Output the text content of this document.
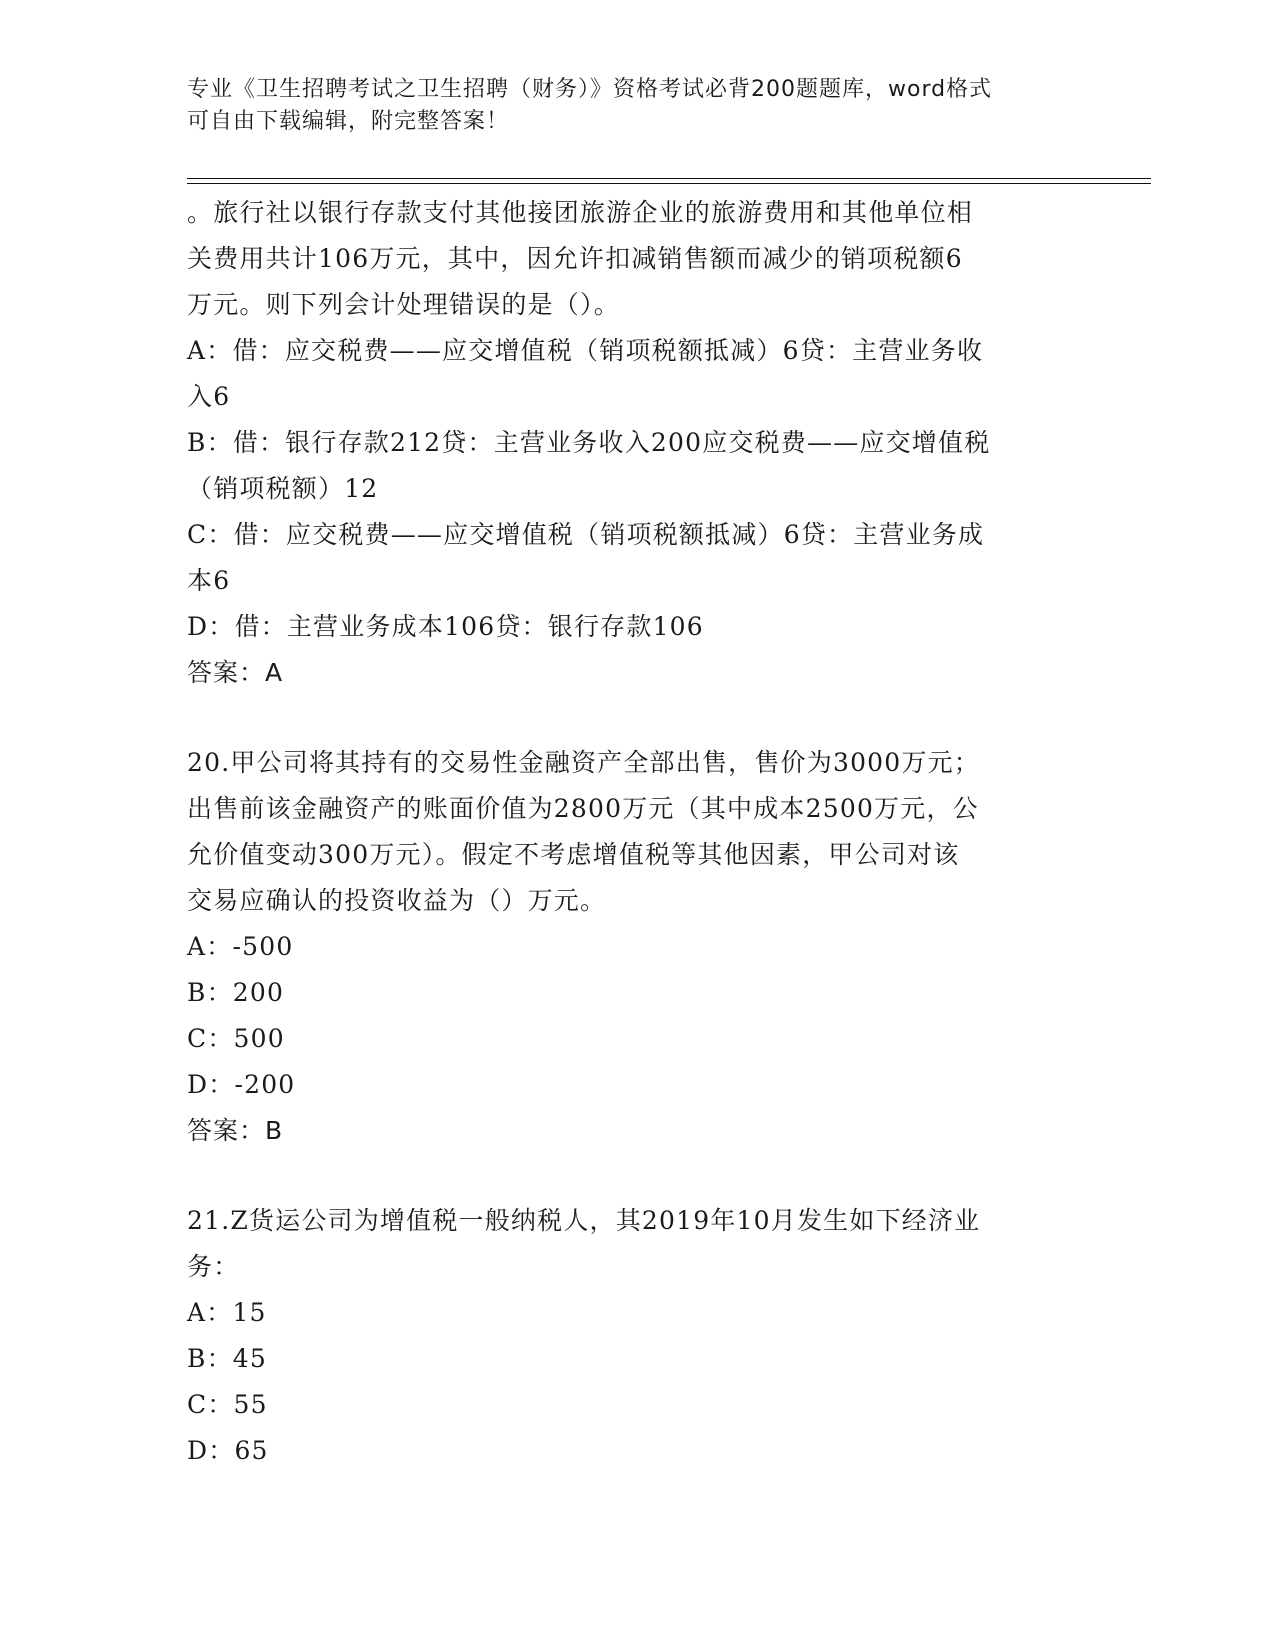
专业《卫生招聘考试之卫生招聘（财务）》资格考试必背200题题库，word格式
可自由下载编辑，附完整答案！
。旅行社以银行存款支付其他接团旅游企业的旅游费用和其他单位相
关费用共计106万元，其中，因允许扣减销售额而减少的销项税额6
万元。则下列会计处理错误的是（）。
A：借：应交税费——应交增值税（销项税额抵减）6贷：主营业务收
入6
B：借：银行存款212贷：主营业务收入200应交税费——应交增值税
（销项税额）12
C：借：应交税费——应交增值税（销项税额抵减）6贷：主营业务成
本6
D：借：主营业务成本106贷：银行存款106
答案：A
20.甲公司将其持有的交易性金融资产全部出售，售价为3000万元；
出售前该金融资产的账面价值为2800万元（其中成本2500万元，公
允价值变动300万元）。假定不考虑增值税等其他因素，甲公司对该
交易应确认的投资收益为（）万元。
A：-500
B：200
C：500
D：-200
答案：B
21.Z货运公司为增值税一般纳税人，其2019年10月发生如下经济业
务：
A：15
B：45
C：55
D：65
